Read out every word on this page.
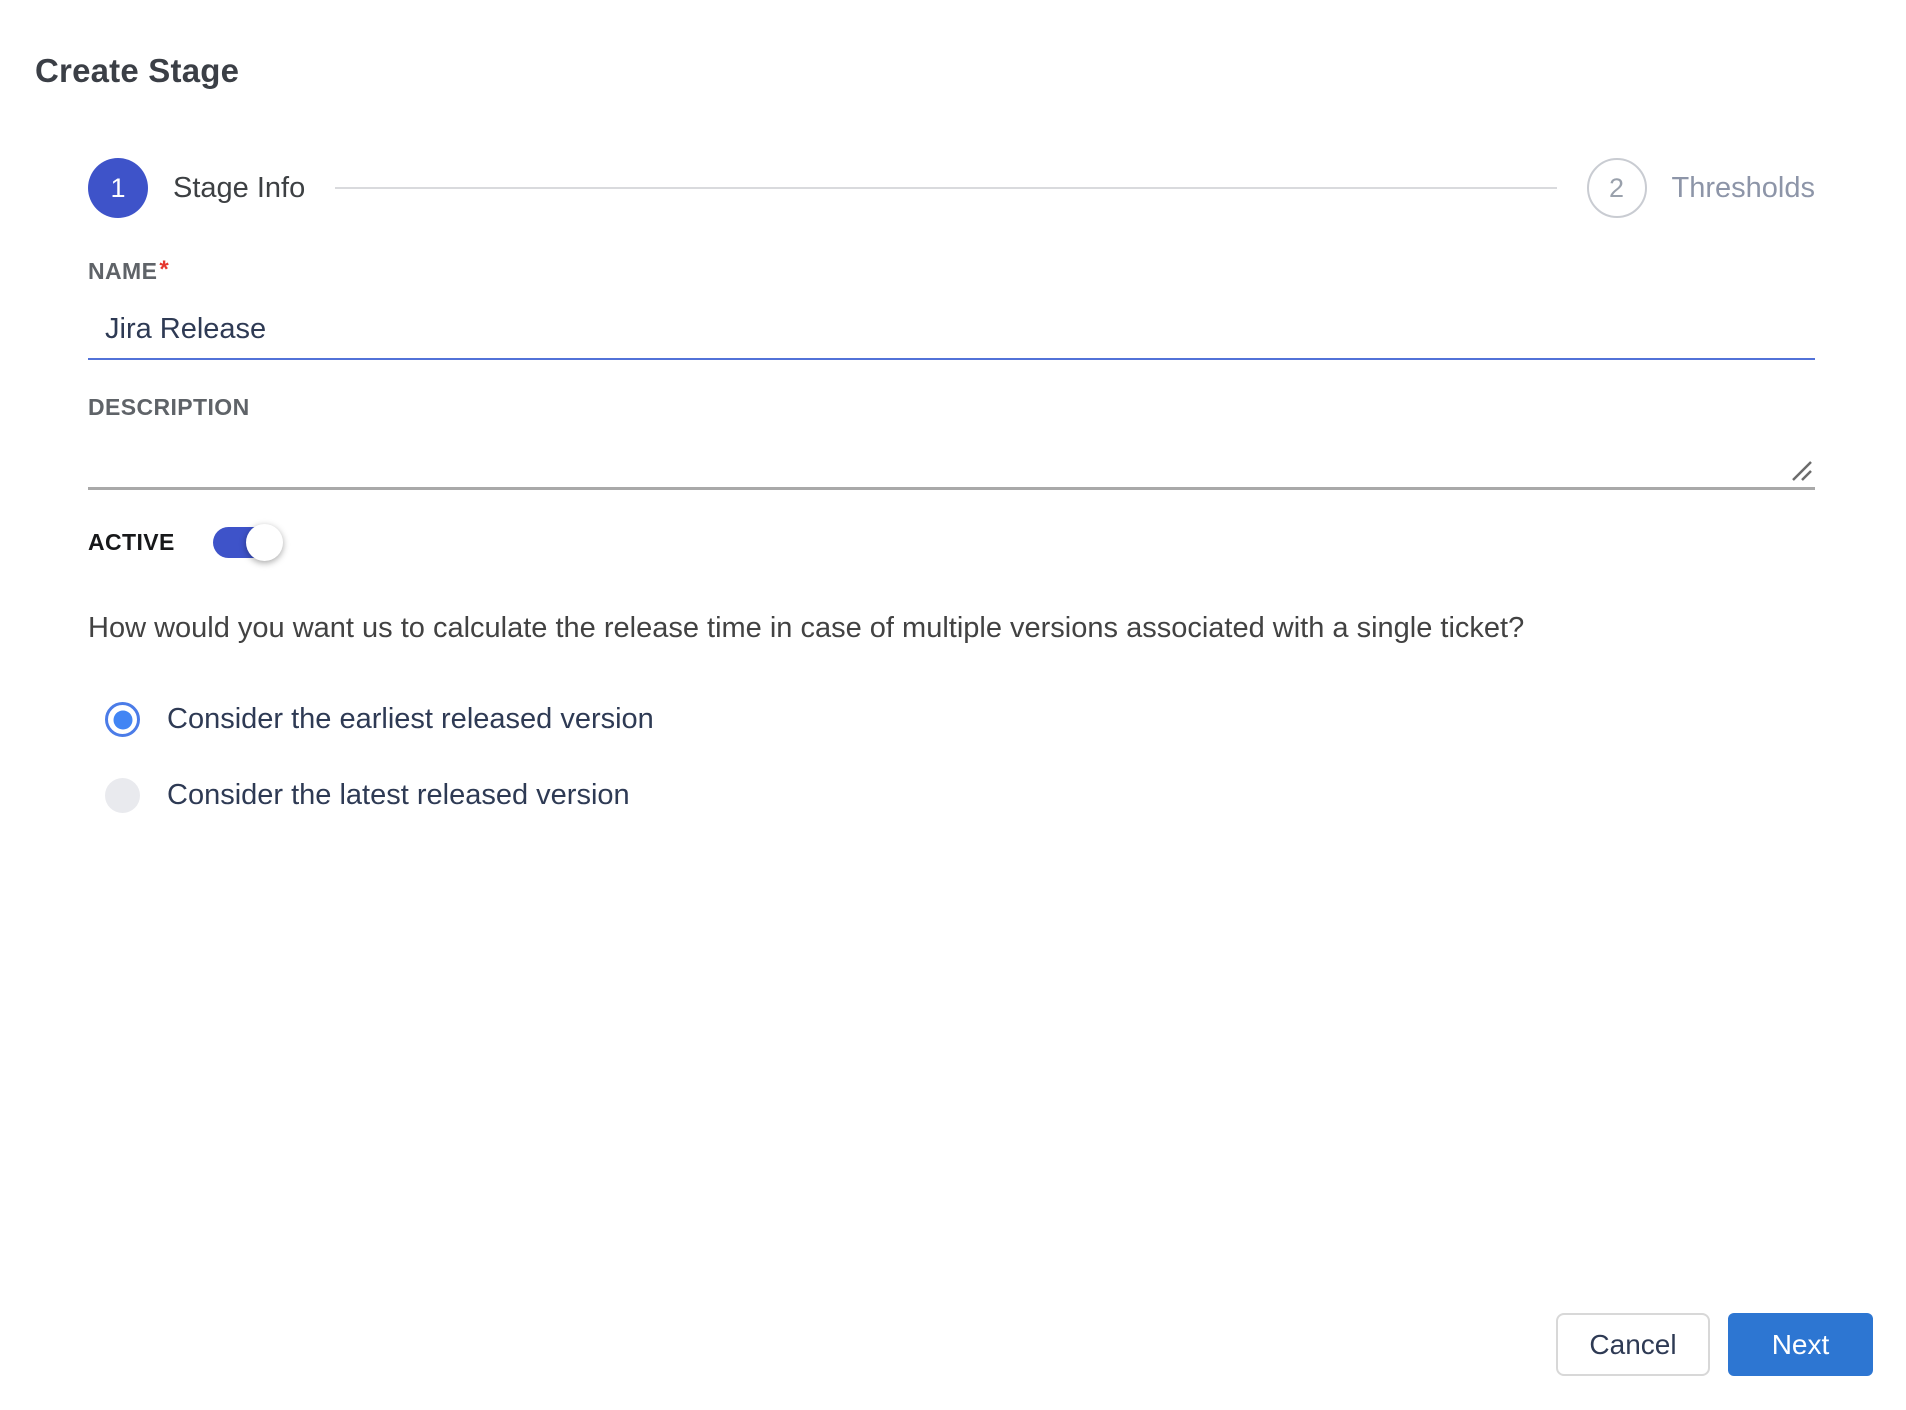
Create Stage
1 Stage Info	2 Thresholds
NAME*
Jira Release
DESCRIPTION
ACTIVE

How would you want us to calculate the release time in case of multiple versions associated with a single ticket?

Consider the earliest released version
Consider the latest released version
Cancel	Next
